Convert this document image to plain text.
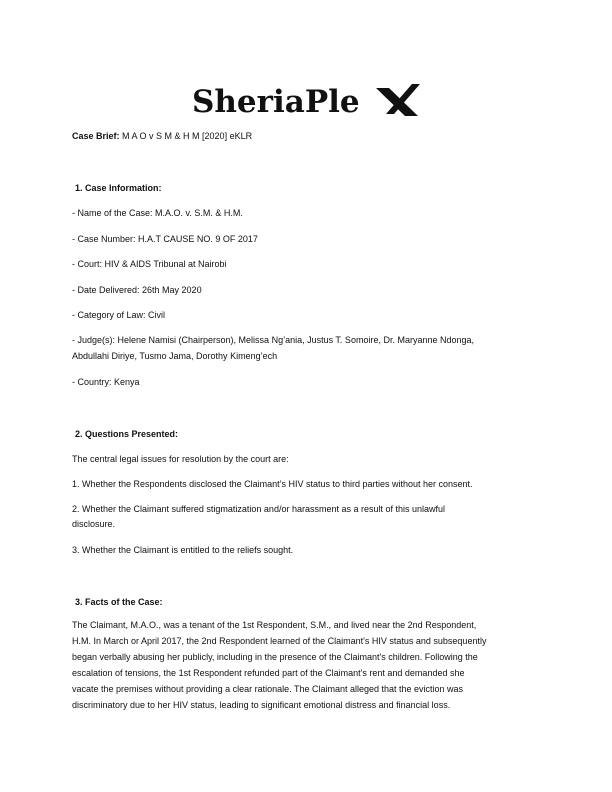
SheriaPle
Case Brief: M A O v S M & H M [2020] eKLR
1. Case Information:
- Name of the Case: M.A.O. v. S.M. & H.M.
- Case Number: H.A.T CAUSE NO. 9 OF 2017
- Court: HIV & AIDS Tribunal at Nairobi
- Date Delivered: 26th May 2020
- Category of Law: Civil
- Judge(s): Helene Namisi (Chairperson), Melissa Ng’ania, Justus T. Somoire, Dr. Maryanne Ndonga,
Abdullahi Diriye, Tusmo Jama, Dorothy Kimeng’ech
- Country: Kenya
2. Questions Presented:
The central legal issues for resolution by the court are:
1. Whether the Respondents disclosed the Claimant’s HIV status to third parties without her consent.
2. Whether the Claimant suffered stigmatization and/or harassment as a result of this unlawful
disclosure.
3. Whether the Claimant is entitled to the reliefs sought.
3. Facts of the Case:
The Claimant, M.A.O., was a tenant of the 1st Respondent, S.M., and lived near the 2nd Respondent,
H.M. In March or April 2017, the 2nd Respondent learned of the Claimant's HIV status and subsequently
began verbally abusing her publicly, including in the presence of the Claimant's children. Following the
escalation of tensions, the 1st Respondent refunded part of the Claimant's rent and demanded she
vacate the premises without providing a clear rationale. The Claimant alleged that the eviction was
discriminatory due to her HIV status, leading to significant emotional distress and financial loss.
